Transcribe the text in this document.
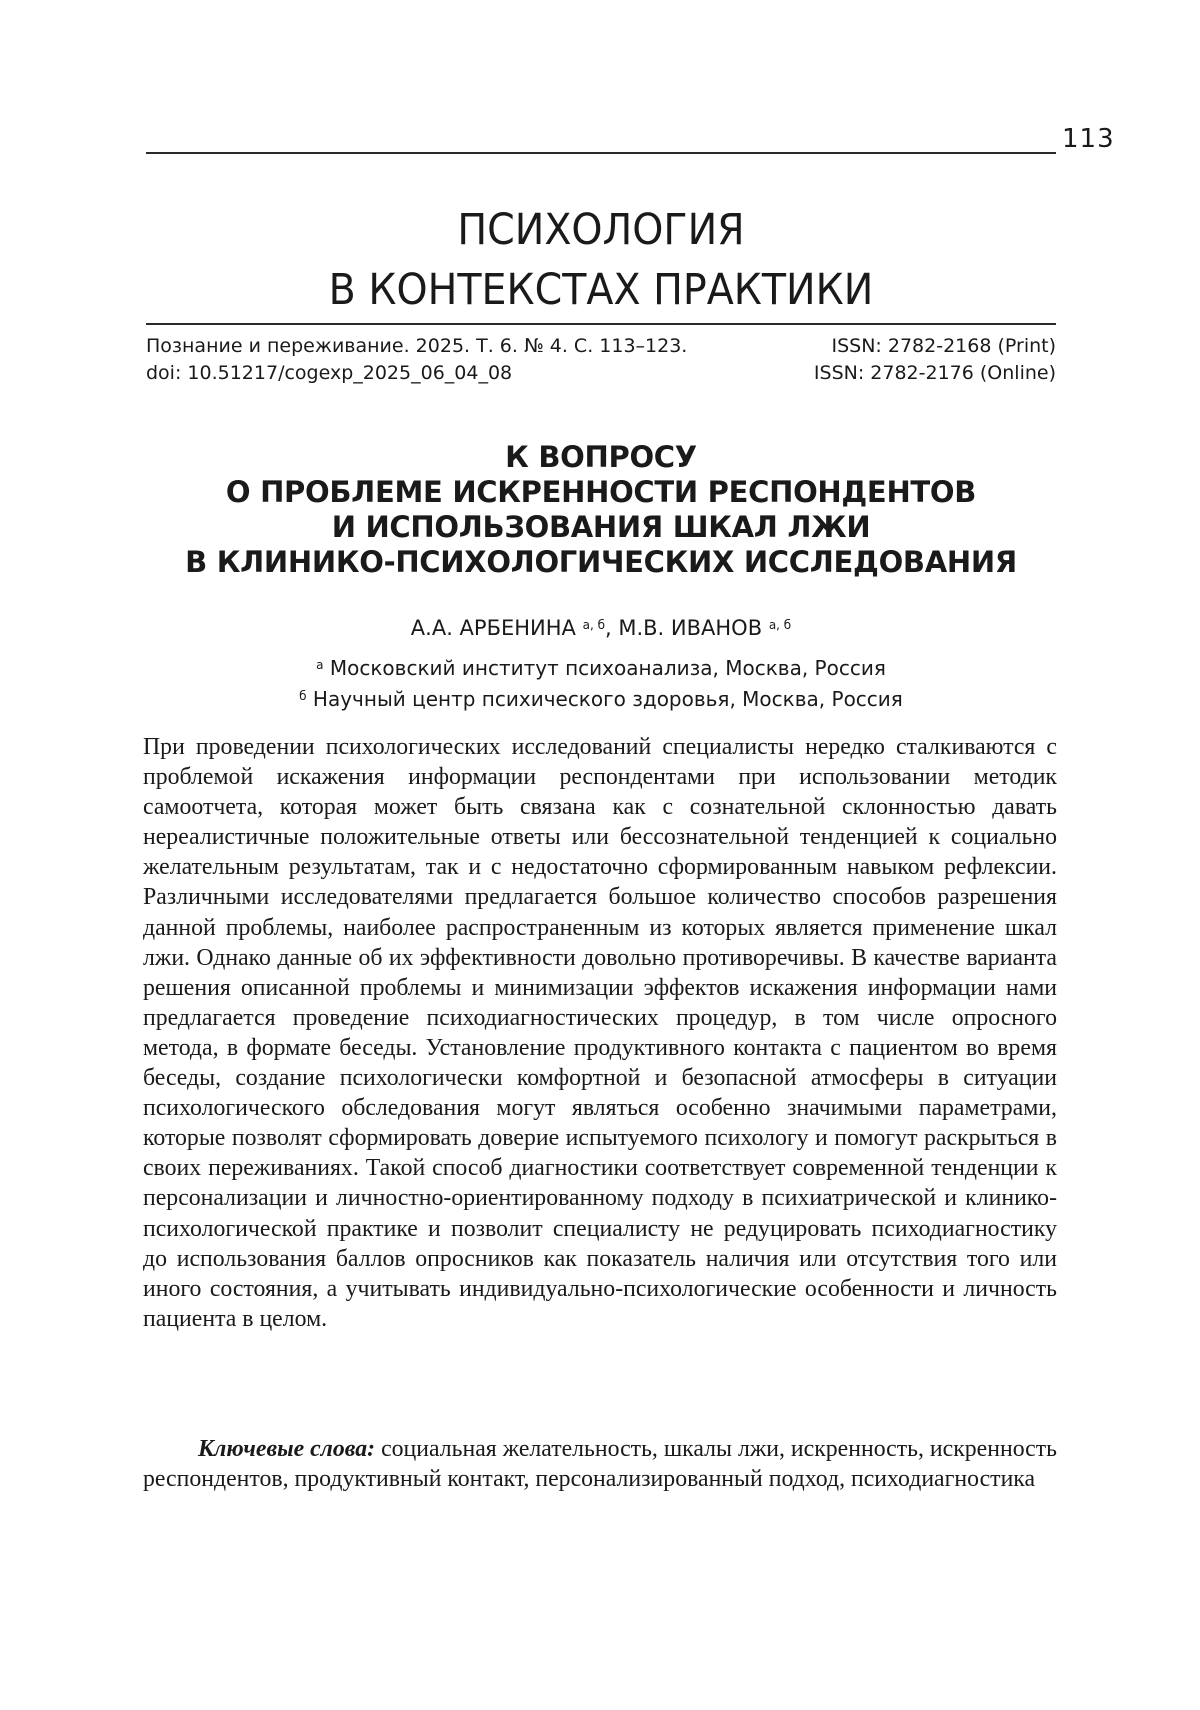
113
ПСИХОЛОГИЯ
В КОНТЕКСТАХ ПРАКТИКИ
Познание и переживание. 2025. Т. 6. № 4. С. 113–123.	ISSN: 2782-2168 (Print)
doi: 10.51217/cogexp_2025_06_04_08	ISSN: 2782-2176 (Online)
К ВОПРОСУ
О ПРОБЛЕМЕ ИСКРЕННОСТИ РЕСПОНДЕНТОВ
И ИСПОЛЬЗОВАНИЯ ШКАЛ ЛЖИ
В КЛИНИКО-ПСИХОЛОГИЧЕСКИХ ИССЛЕДОВАНИЯ
А.А. АРБЕНИНА $^{а, б}$, М.В. ИВАНОВ $^{а, б}$
$^а$ Московский институт психоанализа, Москва, Россия
$^б$ Научный центр психического здоровья, Москва, Россия

При проведении психологических исследований специалисты нередко сталкиваются с проблемой искажения информации респондентами при использовании методик самоотчета, которая может быть связана как с сознательной склонностью давать нереалистичные положительные ответы или бессознательной тенденцией к социально желательным результатам, так и с недостаточно сформированным навыком рефлексии. Различными исследователями предлагается большое количество способов разрешения данной проблемы, наиболее распространенным из которых является применение шкал лжи. Однако данные об их эффективности довольно противоречивы. В качестве варианта решения описанной проблемы и минимизации эффектов искажения информации нами предлагается проведение психодиагностических процедур, в том числе опросного метода, в формате беседы. Установление продуктивного контакта с пациентом во время беседы, создание психологически комфортной и безопасной атмосферы в ситуации психологического обследования могут являться особенно значимыми параметрами, которые позволят сформировать доверие испытуемого психологу и помогут раскрыться в своих переживаниях. Такой способ диагностики соответствует современной тенденции к персонализации и личностно-ориентированному подходу в психиатрической и клинико-психологической практике и позволит специалисту не редуцировать психодиагностику до использования баллов опросников как показатель наличия или отсутствия того или иного состояния, а учитывать индивидуально-психологические особенности и личность пациента в целом.

Ключевые слова: социальная желательность, шкалы лжи, искренность, искренность респондентов, продуктивный контакт, персонализированный подход, психодиагностика
